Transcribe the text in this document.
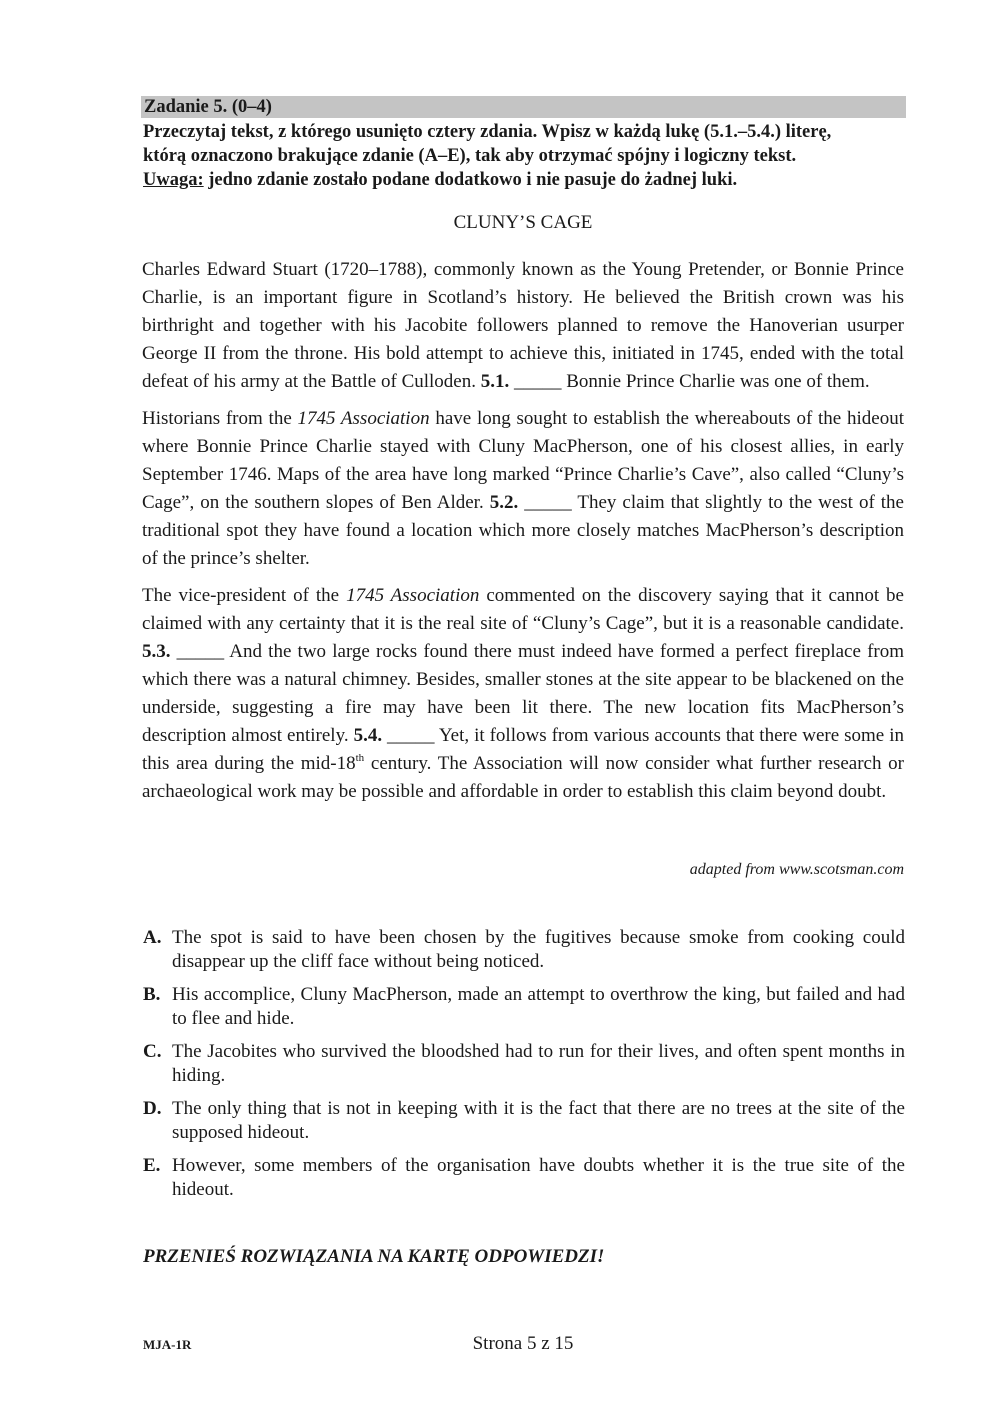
Zadanie 5. (0–4)

Przeczytaj tekst, z którego usunięto cztery zdania. Wpisz w każdą lukę (5.1.–5.4.) literę,

którą oznaczono brakujące zdanie (A–E), tak aby otrzymać spójny i logiczny tekst.

Uwaga: jedno zdanie zostało podane dodatkowo i nie pasuje do żadnej luki.

CLUNY’S CAGE

Charles Edward Stuart (1720–1788), commonly known as the Young Pretender, or Bonnie Prince Charlie, is an important figure in Scotland’s history. He believed the British crown was his birthright and together with his Jacobite followers planned to remove the Hanoverian usurper George II from the throne. His bold attempt to achieve this, initiated in 1745, ended with the total defeat of his army at the Battle of Culloden. 5.1. _____ Bonnie Prince Charlie was one of them.

Historians from the 1745 Association have long sought to establish the whereabouts of the hideout where Bonnie Prince Charlie stayed with Cluny MacPherson, one of his closest allies, in early September 1746. Maps of the area have long marked “Prince Charlie’s Cave”, also called “Cluny’s Cage”, on the southern slopes of Ben Alder. 5.2. _____ They claim that slightly to the west of the traditional spot they have found a location which more closely matches MacPherson’s description of the prince’s shelter.

The vice-president of the 1745 Association commented on the discovery saying that it cannot be claimed with any certainty that it is the real site of “Cluny’s Cage”, but it is a reasonable candidate. 5.3. _____ And the two large rocks found there must indeed have formed a perfect fireplace from which there was a natural chimney. Besides, smaller stones at the site appear to be blackened on the underside, suggesting a fire may have been lit there. The new location fits MacPherson’s description almost entirely. 5.4. _____ Yet, it follows from various accounts that there were some in this area during the mid-18th century. The Association will now consider what further research or archaeological work may be possible and affordable in order to establish this claim beyond doubt.

adapted from www.scotsman.com
A. The spot is said to have been chosen by the fugitives because smoke from cooking could disappear up the cliff face without being noticed.
B. His accomplice, Cluny MacPherson, made an attempt to overthrow the king, but failed and had to flee and hide.
C. The Jacobites who survived the bloodshed had to run for their lives, and often spent months in hiding.
D. The only thing that is not in keeping with it is the fact that there are no trees at the site of the supposed hideout.
E. However, some members of the organisation have doubts whether it is the true site of the hideout.
PRZENIEŚ ROZWIĄZANIA NA KARTĘ ODPOWIEDZI!
MJA-1R	Strona 5 z 15
